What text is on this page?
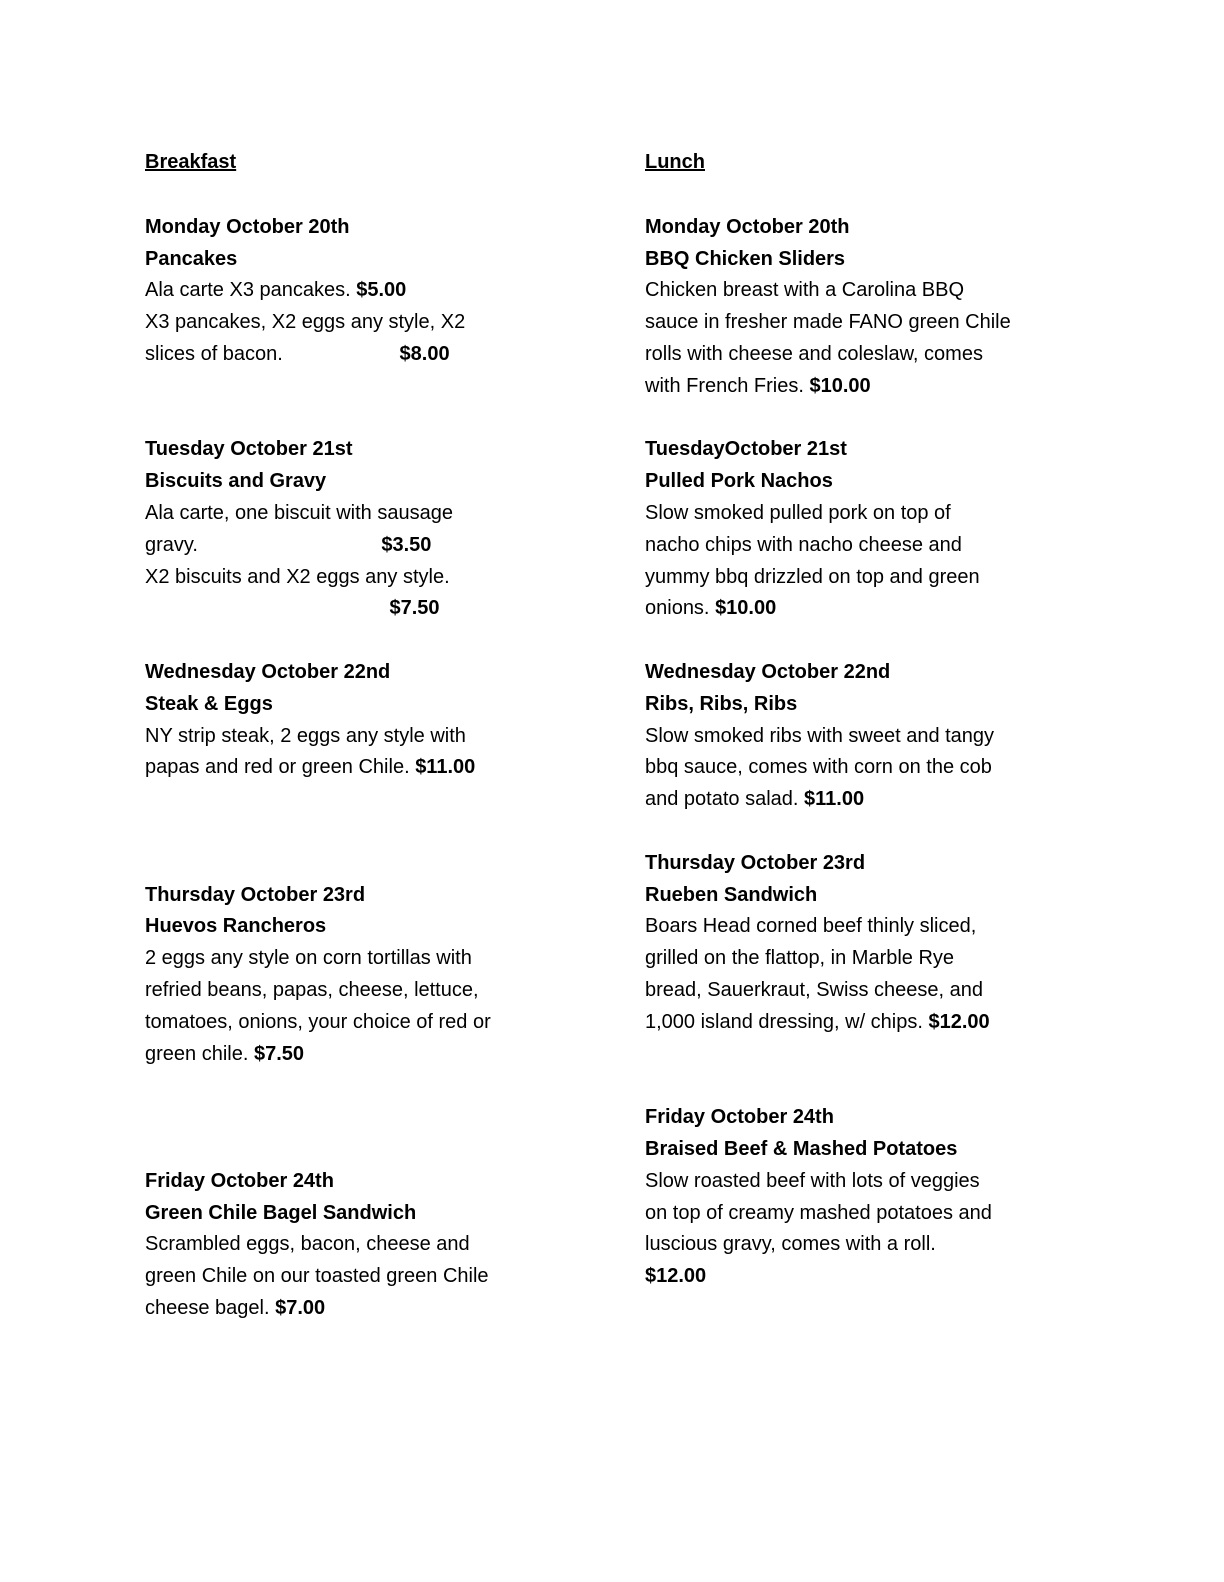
Breakfast
Monday October 20th
Pancakes
Ala carte X3 pancakes. $5.00
X3 pancakes, X2 eggs any style, X2
slices of bacon.                     $8.00
Tuesday October 21st
Biscuits and Gravy
Ala carte, one biscuit with sausage
gravy.                                 $3.50
X2 biscuits and X2 eggs any style.
$7.50
Wednesday October 22nd
Steak & Eggs
NY strip steak, 2 eggs any style with
papas and red or green Chile. $11.00
Thursday October 23rd
Huevos Rancheros
2 eggs any style on corn tortillas with
refried beans, papas, cheese, lettuce,
tomatoes, onions, your choice of red or
green chile. $7.50
Friday October 24th
Green Chile Bagel Sandwich
Scrambled eggs, bacon, cheese and
green Chile on our toasted green Chile
cheese bagel. $7.00
Lunch
Monday October 20th
BBQ Chicken Sliders
Chicken breast with a Carolina BBQ
sauce in fresher made FANO green Chile
rolls with cheese and coleslaw, comes
with French Fries. $10.00
TuesdayOctober 21st
Pulled Pork Nachos
Slow smoked pulled pork on top of
nacho chips with nacho cheese and
yummy bbq drizzled on top and green
onions. $10.00
Wednesday October 22nd
Ribs, Ribs, Ribs
Slow smoked ribs with sweet and tangy
bbq sauce, comes with corn on the cob
and potato salad. $11.00
Thursday October 23rd
Rueben Sandwich
Boars Head corned beef thinly sliced,
grilled on the flattop, in Marble Rye
bread, Sauerkraut, Swiss cheese, and
1,000 island dressing, w/ chips. $12.00
Friday October 24th
Braised Beef & Mashed Potatoes
Slow roasted beef with lots of veggies
on top of creamy mashed potatoes and
luscious gravy, comes with a roll.
$12.00
